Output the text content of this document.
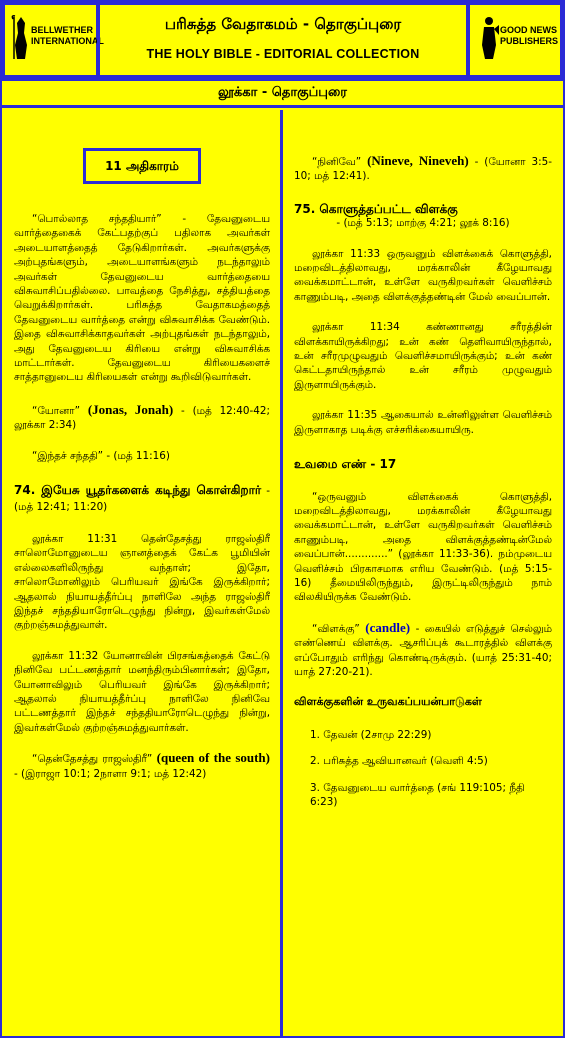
BELLWETHER
INTERNATIONAL
பரிசுத்த வேதாகமம் - தொகுப்புரை
THE HOLY BIBLE - EDITORIAL COLLECTION
GOOD NEWS
PUBLISHERS
லூக்கா - தொகுப்புரை
11 அதிகாரம்

“பொல்லாத சந்ததியார்” - தேவனுடைய வார்த்தைகைக் கேட்பதற்குப் பதிலாக அவர்கள் அடையாளத்தைத் தேடுகிறார்கள். அவர்களுக்கு அற்புதங்களும், அடையாளங்களும் நடந்தாலும் அவர்கள் தேவனுடைய வார்த்தையை விசுவாசிப்பதில்லை. பாவத்தை நேசித்து, சத்தியத்தை வெறுக்கிறார்கள். பரிசுத்த வேதாகமத்தைத் தேவனுடைய வார்த்தை என்று விசுவாசிக்க வேண்டும். இதை விசுவாசிக்காதவர்கள் அற்புதங்கள் நடந்தாலும், அது தேவனுடைய கிரியை என்று விசுவாசிக்க மாட்டார்கள். தேவனுடைய கிரியைகளைச் சாத்தானுடைய கிரியைகள் என்று கூறிவிடுவார்கள்.

“யோனா” (Jonas, Jonah) - (மத் 12:40-42; லூக்கா 2:34)

“இந்தச் சந்ததி” - (மத் 11:16)

74. இயேசு யூதர்களைக் கடிந்து கொள்கிறார் - (மத் 12:41; 11:20)

லூக்கா 11:31 தென்தேசத்து ராஜஸ்திரீ சாலொமோனுடைய ஞானத்தைக் கேட்க பூமியின் எல்லைகளிலிருந்து வந்தாள்; இதோ, சாலொமோனிலும் பெரியவர் இங்கே இருக்கிறார்; ஆதலால் நியாயத்தீர்ப்பு நாளிலே அந்த ராஜஸ்திரீ இந்தச் சந்ததியாரோடெழுந்து நின்று, இவர்கள்மேல் குற்றஞ்சுமத்துவாள்.

லூக்கா 11:32 யோனாவின் பிரசங்கத்தைக் கேட்டு நினிவே பட்டணத்தார் மனந்திரும்பினார்கள்; இதோ, யோனாவிலும் பெரியவர் இங்கே இருக்கிறார்; ஆதலால் நியாயத்தீர்ப்பு நாளிலே நினிவே பட்டணத்தார் இந்தச் சந்ததியாரோடெழுந்து நின்று, இவர்கள்மேல் குற்றஞ்சுமத்துவார்கள்.

“தென்தேசத்து ராஜஸ்திரீ” (queen of the south) - (இராஜா 10:1; 2நாளா 9:1; மத் 12:42)

“நினிவே” (Nineve, Nineveh) - (யோனா 3:5-10; மத் 12:41).

75. கொளுத்தப்பட்ட விளக்கு

- (மத் 5:13; மாற்கு 4:21; லூக் 8:16)

லூக்கா 11:33 ஒருவனும் விளக்கைக் கொளுத்தி, மறைவிடத்திலாவது, மரக்காலின் கீழேயாவது வைக்கமாட்டான், உள்ளே வருகிறவர்கள் வெளிச்சம் காணும்படி, அதை விளக்குத்தண்டின் மேல் வைப்பான்.

லூக்கா 11:34 கண்ணானது சரீரத்தின் விளக்காயிருக்கிறது; உன் கண் தெளிவாயிருந்தால், உன் சரீரமுழுவதும் வெளிச்சமாயிருக்கும்; உன் கண் கெட்டதாயிருந்தால் உன் சரீரம் முழுவதும் இருளாயிருக்கும்.

லூக்கா 11:35 ஆகையால் உன்னிலுள்ள வெளிச்சம் இருளாகாத படிக்கு எச்சரிக்கையாயிரு.

உவமை எண் - 17

“ஒருவனும் விளக்கைக் கொளுத்தி, மறைவிடத்திலாவது, மரக்காலின் கீழேயாவது வைக்கமாட்டான், உள்ளே வருகிறவர்கள் வெளிச்சம் காணும்படி, அதை விளக்குத்தண்டின்மேல் வைப்பான்.............” (லூக்கா 11:33-36). நம்முடைய வெளிச்சம் பிரகாசமாக எரிய வேண்டும். (மத் 5:15-16) தீமையிலிருந்தும், இருட்டிலிருந்தும் நாம் விலகியிருக்க வேண்டும்.

“விளக்கு” (candle) - கையில் எடுத்துச் செல்லும் எண்ணெய் விளக்கு. ஆசரிப்புக் கூடாரத்தில் விளக்கு எப்போதும் எரிந்து கொண்டிருக்கும். (யாத் 25:31-40; யாத் 27:20-21).

விளக்குகளின் உருவகப்பயன்பாடுகள்

1. தேவன் (2சாமு 22:29)
2. பரிசுத்த ஆவியானவர் (வெளி 4:5)
3. தேவனுடைய வார்த்தை (சங் 119:105; நீதி 6:23)
